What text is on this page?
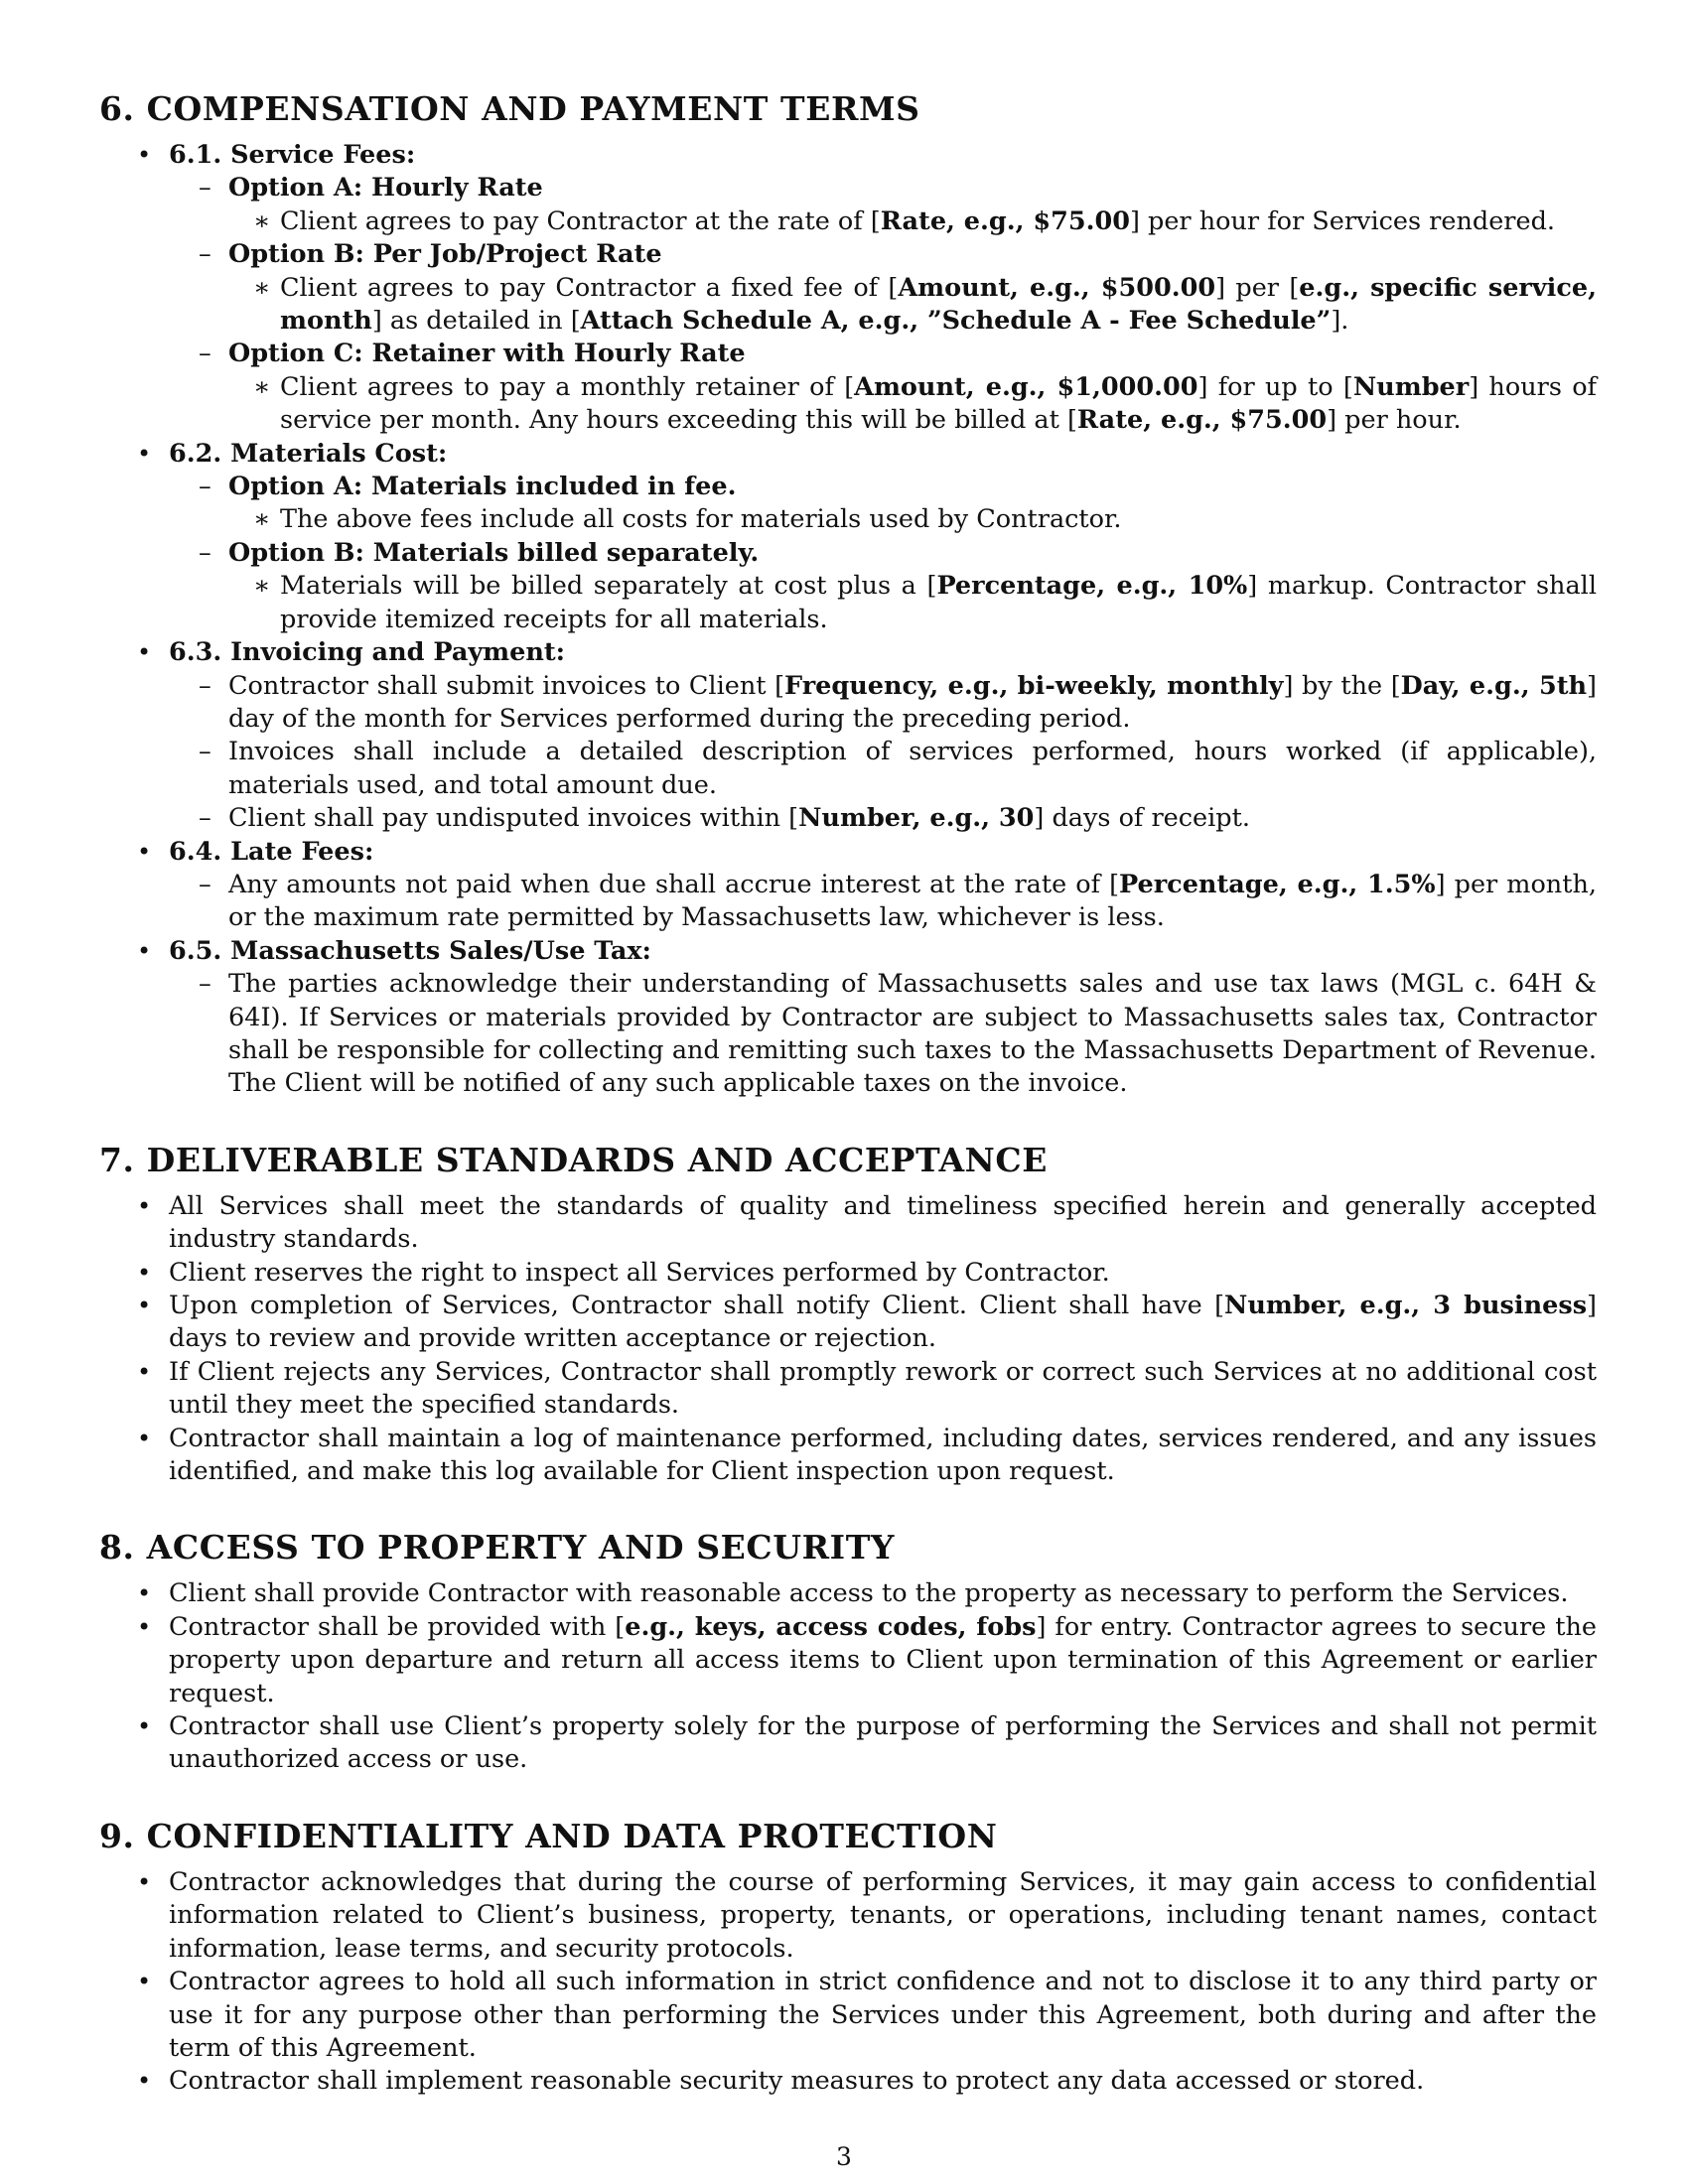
6. COMPENSATION AND PAYMENT TERMS
• 6.1. Service Fees:
– Option A: Hourly Rate
∗ Client agrees to pay Contractor at the rate of [Rate, e.g., $75.00] per hour for Services rendered.
– Option B: Per Job/Project Rate
∗ Client agrees to pay Contractor a fixed fee of [Amount, e.g., $500.00] per [e.g., specific service, month] as detailed in [Attach Schedule A, e.g., ”Schedule A - Fee Schedule”].
– Option C: Retainer with Hourly Rate
∗ Client agrees to pay a monthly retainer of [Amount, e.g., $1,000.00] for up to [Number] hours of service per month. Any hours exceeding this will be billed at [Rate, e.g., $75.00] per hour.
• 6.2. Materials Cost:
– Option A: Materials included in fee.
∗ The above fees include all costs for materials used by Contractor.
– Option B: Materials billed separately.
∗ Materials will be billed separately at cost plus a [Percentage, e.g., 10%] markup. Contractor shall provide itemized receipts for all materials.
• 6.3. Invoicing and Payment:
– Contractor shall submit invoices to Client [Frequency, e.g., bi-weekly, monthly] by the [Day, e.g., 5th] day of the month for Services performed during the preceding period.
– Invoices shall include a detailed description of services performed, hours worked (if applicable), materials used, and total amount due.
– Client shall pay undisputed invoices within [Number, e.g., 30] days of receipt.
• 6.4. Late Fees:
– Any amounts not paid when due shall accrue interest at the rate of [Percentage, e.g., 1.5%] per month, or the maximum rate permitted by Massachusetts law, whichever is less.
• 6.5. Massachusetts Sales/Use Tax:
– The parties acknowledge their understanding of Massachusetts sales and use tax laws (MGL c. 64H & 64I). If Services or materials provided by Contractor are subject to Massachusetts sales tax, Contractor shall be responsible for collecting and remitting such taxes to the Massachusetts Department of Revenue. The Client will be notified of any such applicable taxes on the invoice.
7. DELIVERABLE STANDARDS AND ACCEPTANCE
• All Services shall meet the standards of quality and timeliness specified herein and generally accepted industry standards.
• Client reserves the right to inspect all Services performed by Contractor.
• Upon completion of Services, Contractor shall notify Client. Client shall have [Number, e.g., 3 business] days to review and provide written acceptance or rejection.
• If Client rejects any Services, Contractor shall promptly rework or correct such Services at no additional cost until they meet the specified standards.
• Contractor shall maintain a log of maintenance performed, including dates, services rendered, and any issues identified, and make this log available for Client inspection upon request.
8. ACCESS TO PROPERTY AND SECURITY
• Client shall provide Contractor with reasonable access to the property as necessary to perform the Services.
• Contractor shall be provided with [e.g., keys, access codes, fobs] for entry. Contractor agrees to secure the property upon departure and return all access items to Client upon termination of this Agreement or earlier request.
• Contractor shall use Client’s property solely for the purpose of performing the Services and shall not permit unauthorized access or use.
9. CONFIDENTIALITY AND DATA PROTECTION
• Contractor acknowledges that during the course of performing Services, it may gain access to confidential information related to Client’s business, property, tenants, or operations, including tenant names, contact information, lease terms, and security protocols.
• Contractor agrees to hold all such information in strict confidence and not to disclose it to any third party or use it for any purpose other than performing the Services under this Agreement, both during and after the term of this Agreement.
• Contractor shall implement reasonable security measures to protect any data accessed or stored.
3
